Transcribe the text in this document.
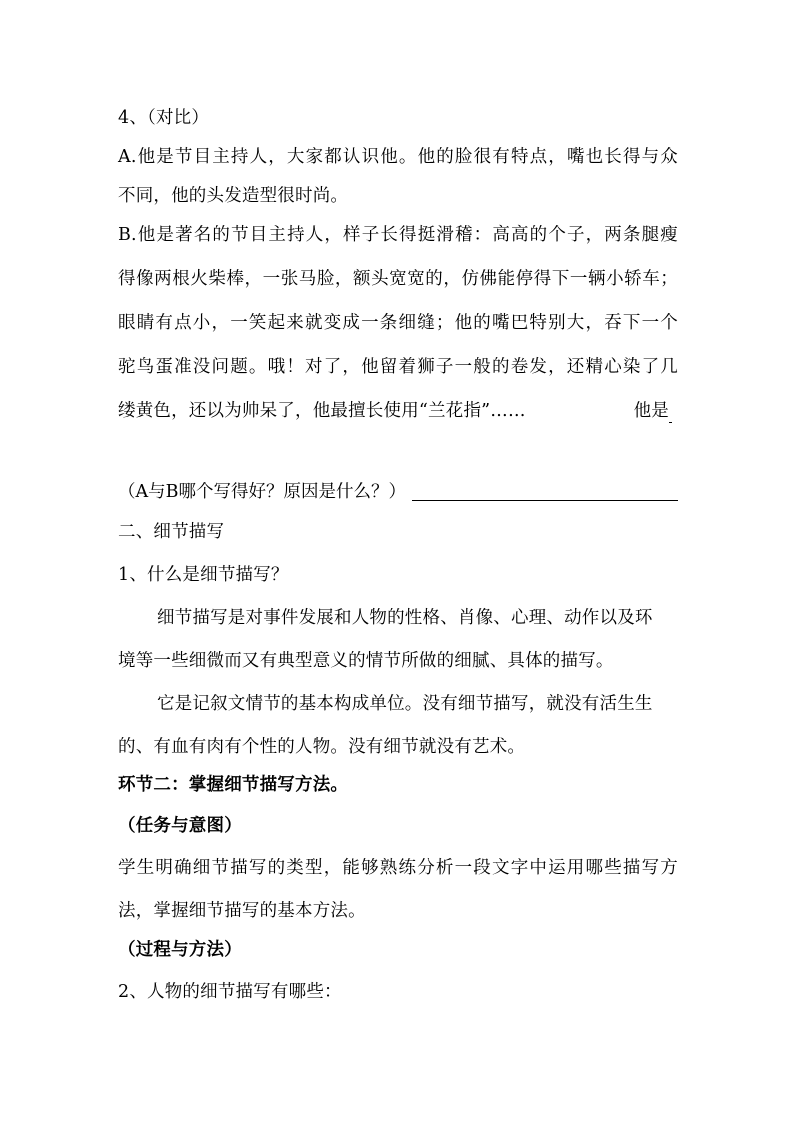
4、（对比）
A.他是节目主持人，大家都认识他。他的脸很有特点，嘴也长得与众
不同，他的头发造型很时尚。
B.他是著名的节目主持人，样子长得挺滑稽：高高的个子，两条腿瘦
得像两根火柴棒，一张马脸，额头宽宽的，仿佛能停得下一辆小轿车；
眼睛有点小，一笑起来就变成一条细缝；他的嘴巴特别大，吞下一个
驼鸟蛋准没问题。哦！对了，他留着狮子一般的卷发，还精心染了几
缕黄色，还以为帅呆了，他最擅长使用“兰花指”……	他是
（A与B哪个写得好？原因是什么？）
二、细节描写
1、什么是细节描写？
细节描写是对事件发展和人物的性格、肖像、心理、动作以及环
境等一些细微而又有典型意义的情节所做的细腻、具体的描写。
它是记叙文情节的基本构成单位。没有细节描写，就没有活生生
的、有血有肉有个性的人物。没有细节就没有艺术。
环节二：掌握细节描写方法。
（任务与意图）
学生明确细节描写的类型，能够熟练分析一段文字中运用哪些描写方
法，掌握细节描写的基本方法。
（过程与方法）
2、人物的细节描写有哪些：
